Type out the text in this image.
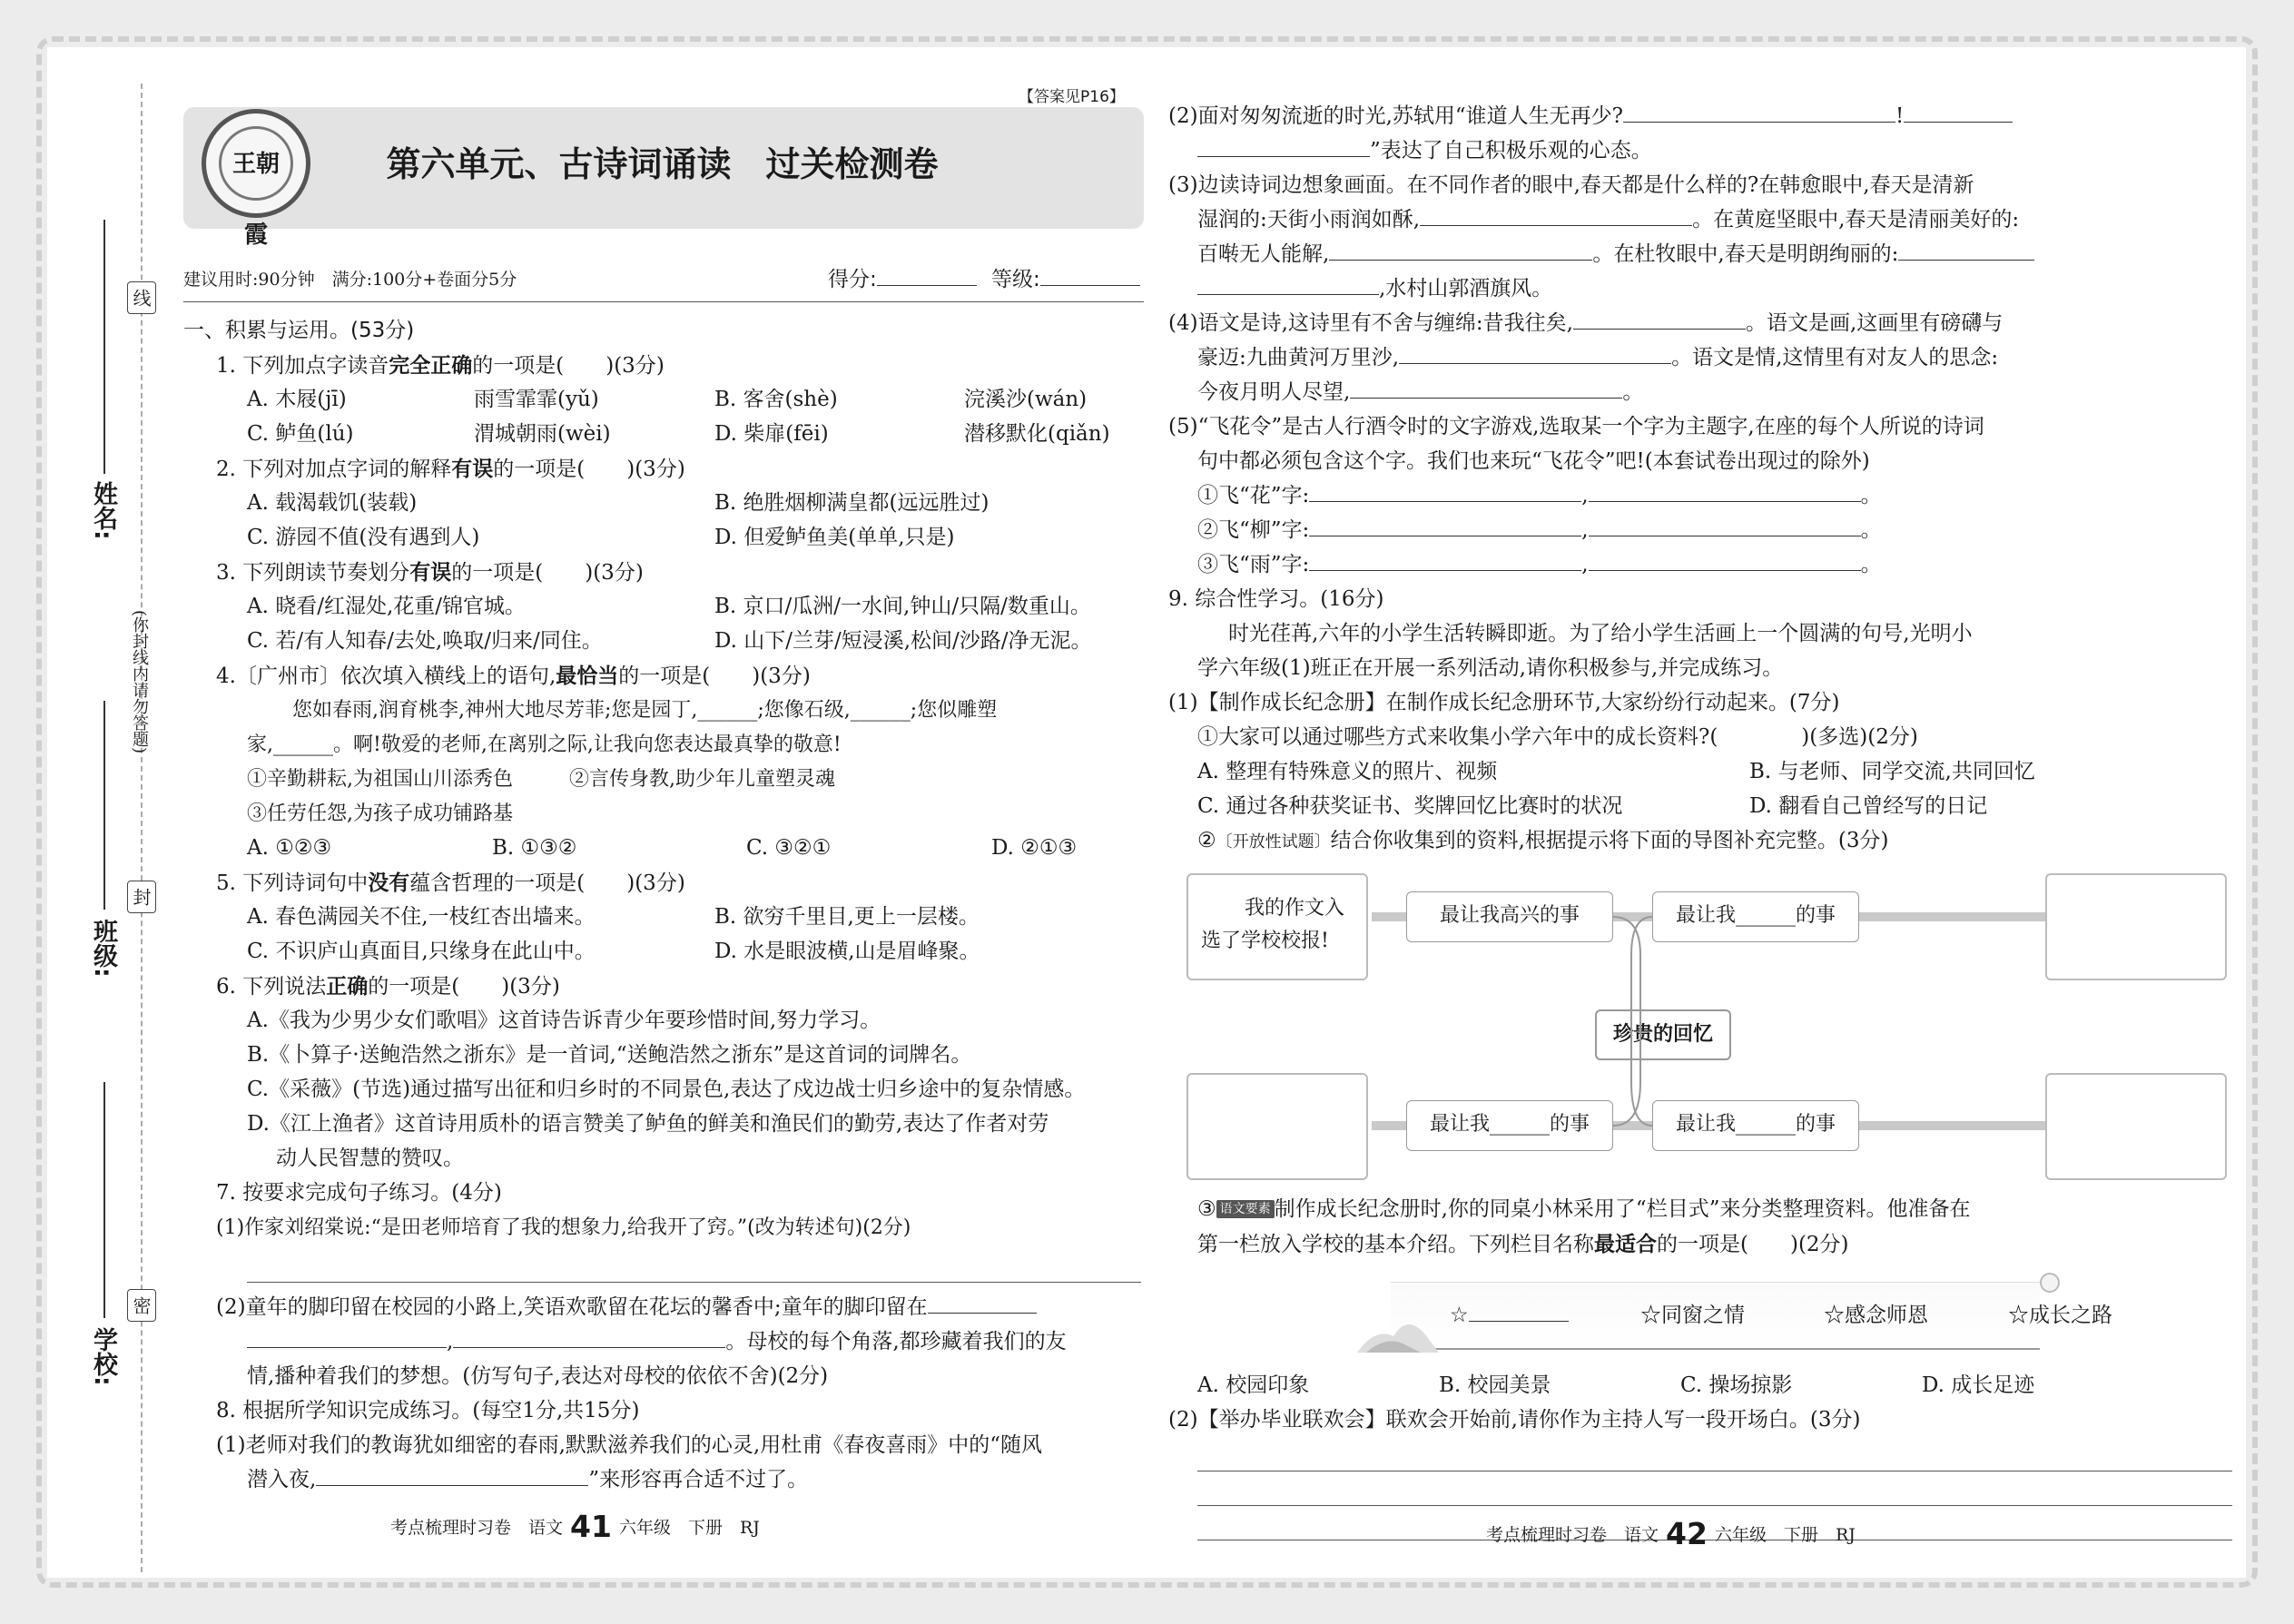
线
封
密
(你封线内请勿答题)
姓名:
班级:
学校:
【答案见P16】
王朝霞
第六单元、古诗词诵读　过关检测卷
建议用时:90分钟　满分:100分+卷面分5分	得分:	等级:
一、积累与运用。(53分)
1. 下列加点字读音完全正确的一项是(　　)(3分)
A. 木屐(jī)	雨雪霏霏(yǔ)	B. 客舍(shè)	浣溪沙(wán)
C. 鲈鱼(lú)	渭城朝雨(wèi)	D. 柴扉(fēi)	潜移默化(qiǎn)
2. 下列对加点字词的解释有误的一项是(　　)(3分)
A. 载渴载饥(装载)	B. 绝胜烟柳满皇都(远远胜过)
C. 游园不值(没有遇到人)	D. 但爱鲈鱼美(单单,只是)
3. 下列朗读节奏划分有误的一项是(　　)(3分)
A. 晓看/红湿处,花重/锦官城。	B. 京口/瓜洲/一水间,钟山/只隔/数重山。
C. 若/有人知春/去处,唤取/归来/同住。	D. 山下/兰芽/短浸溪,松间/沙路/净无泥。
4.〔广州市〕依次填入横线上的语句,最恰当的一项是(　　)(3分)
您如春雨,润育桃李,神州大地尽芳菲;您是园丁,______;您像石级,______;您似雕塑
家,______。啊!敬爱的老师,在离别之际,让我向您表达最真挚的敬意!
①辛勤耕耘,为祖国山川添秀色	②言传身教,助少年儿童塑灵魂
③任劳任怨,为孩子成功铺路基
A. ①②③	B. ①③②	C. ③②①	D. ②①③
5. 下列诗词句中没有蕴含哲理的一项是(　　)(3分)
A. 春色满园关不住,一枝红杏出墙来。	B. 欲穷千里目,更上一层楼。
C. 不识庐山真面目,只缘身在此山中。	D. 水是眼波横,山是眉峰聚。
6. 下列说法正确的一项是(　　)(3分)
A.《我为少男少女们歌唱》这首诗告诉青少年要珍惜时间,努力学习。
B.《卜算子·送鲍浩然之浙东》是一首词,“送鲍浩然之浙东”是这首词的词牌名。
C.《采薇》(节选)通过描写出征和归乡时的不同景色,表达了戍边战士归乡途中的复杂情感。
D.《江上渔者》这首诗用质朴的语言赞美了鲈鱼的鲜美和渔民们的勤劳,表达了作者对劳
动人民智慧的赞叹。
7. 按要求完成句子练习。(4分)
(1)作家刘绍棠说:“是田老师培育了我的想象力,给我开了窍。”(改为转述句)(2分)
(2)童年的脚印留在校园的小路上,笑语欢歌留在花坛的馨香中;童年的脚印留在
,	。母校的每个角落,都珍藏着我们的友
情,播种着我们的梦想。(仿写句子,表达对母校的依依不舍)(2分)
8. 根据所学知识完成练习。(每空1分,共15分)
(1)老师对我们的教诲犹如细密的春雨,默默滋养我们的心灵,用杜甫《春夜喜雨》中的“随风
潜入夜,	”来形容再合适不过了。
考点梳理时习卷　语文 41 六年级　下册　RJ
(2)面对匆匆流逝的时光,苏轼用“谁道人生无再少?	!
”表达了自己积极乐观的心态。
(3)边读诗词边想象画面。在不同作者的眼中,春天都是什么样的?在韩愈眼中,春天是清新
湿润的:天街小雨润如酥,	。在黄庭坚眼中,春天是清丽美好的:
百啭无人能解,	。在杜牧眼中,春天是明朗绚丽的:
,水村山郭酒旗风。
(4)语文是诗,这诗里有不舍与缠绵:昔我往矣,	。语文是画,这画里有磅礴与
豪迈:九曲黄河万里沙,	。语文是情,这情里有对友人的思念:
今夜月明人尽望,	。
(5)“飞花令”是古人行酒令时的文字游戏,选取某一个字为主题字,在座的每个人所说的诗词
句中都必须包含这个字。我们也来玩“飞花令”吧!(本套试卷出现过的除外)
①飞“花”字:	,	。
②飞“柳”字:	,	。
③飞“雨”字:	,	。
9. 综合性学习。(16分)
时光荏苒,六年的小学生活转瞬即逝。为了给小学生活画上一个圆满的句号,光明小
学六年级(1)班正在开展一系列活动,请你积极参与,并完成练习。
(1)【制作成长纪念册】在制作成长纪念册环节,大家纷纷行动起来。(7分)
①大家可以通过哪些方式来收集小学六年中的成长资料?(　　　　)(多选)(2分)
A. 整理有特殊意义的照片、视频	B. 与老师、同学交流,共同回忆
C. 通过各种获奖证书、奖牌回忆比赛时的状况	D. 翻看自己曾经写的日记
②〔开放性试题〕结合你收集到的资料,根据提示将下面的导图补充完整。(3分)
我的作文入
选了学校校报!
最让我高兴的事	最让我______的事
珍贵的回忆
最让我______的事	最让我______的事
③ 语文要素 制作成长纪念册时,你的同桌小林采用了“栏目式”来分类整理资料。他准备在
第一栏放入学校的基本介绍。下列栏目名称最适合的一项是(　　)(2分)
☆	☆同窗之情	☆感念师恩	☆成长之路
A. 校园印象	B. 校园美景	C. 操场掠影	D. 成长足迹
(2)【举办毕业联欢会】联欢会开始前,请你作为主持人写一段开场白。(3分)
考点梳理时习卷　语文 42 六年级　下册　RJ
